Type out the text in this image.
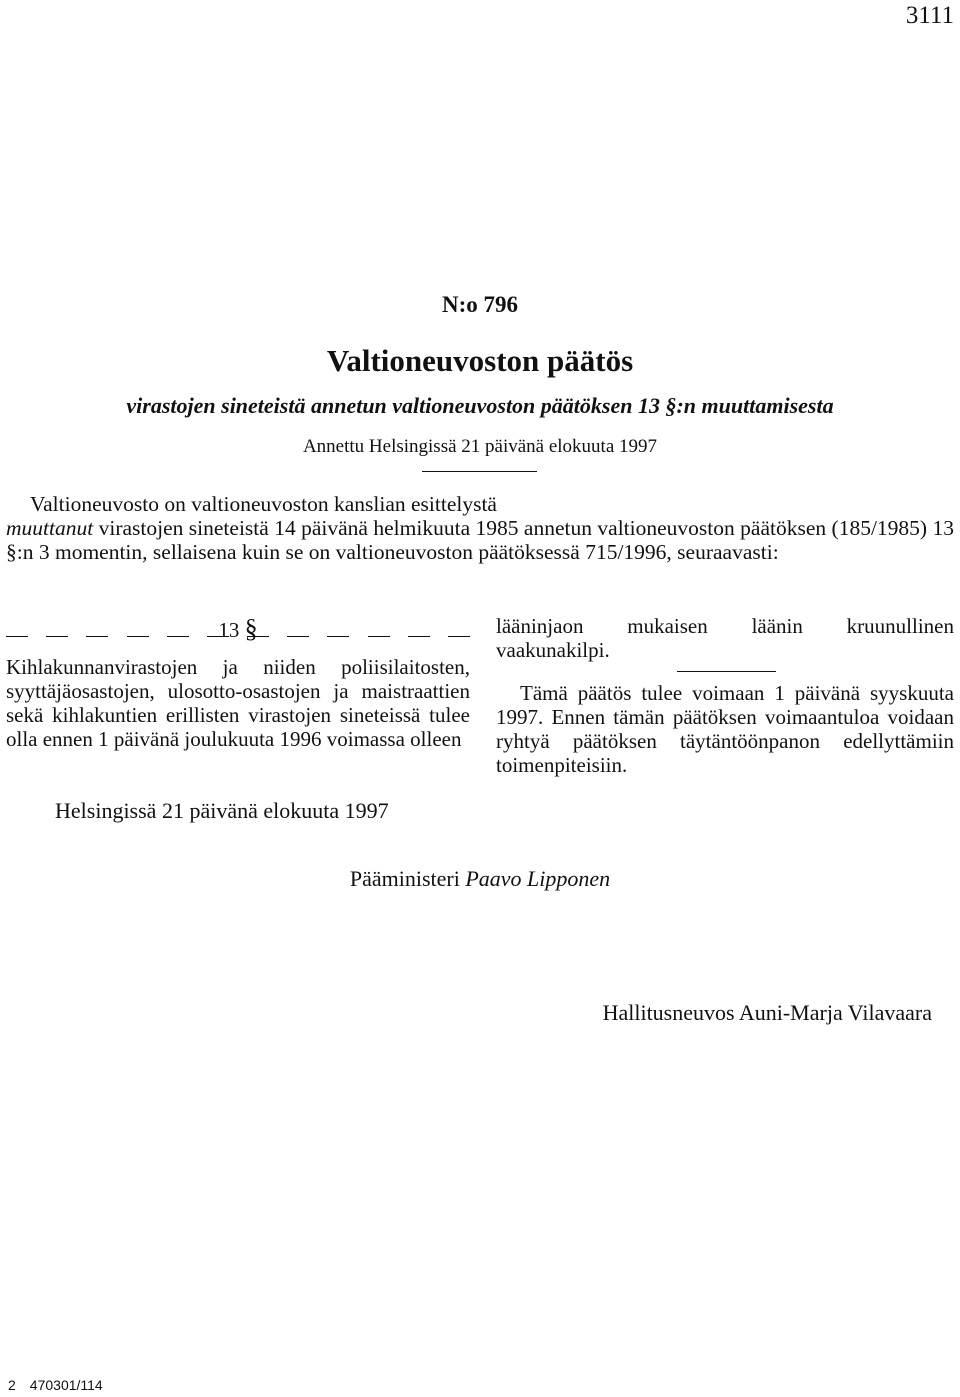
3111
N:o 796
Valtioneuvoston päätös
virastojen sineteistä annetun valtioneuvoston päätöksen 13 §:n muuttamisesta
Annettu Helsingissä 21 päivänä elokuuta 1997
Valtioneuvosto on valtioneuvoston kanslian esittelystä
muuttanut virastojen sineteistä 14 päivänä helmikuuta 1985 annetun valtioneuvoston päätöksen (185/1985) 13 §:n 3 momentin, sellaisena kuin se on valtioneuvoston päätöksessä 715/1996, seuraavasti:
13 §
Kihlakunnanvirastojen ja niiden poliisilaitosten, syyttäjäosastojen, ulosotto-osastojen ja maistraattien sekä kihlakuntien erillisten virastojen sineteissä tulee olla ennen 1 päivänä joulukuuta 1996 voimassa olleen
lääninjaon mukaisen läänin kruunullinen vaakunakilpi.
Tämä päätös tulee voimaan 1 päivänä syyskuuta 1997. Ennen tämän päätöksen voimaantuloa voidaan ryhtyä päätöksen täytäntöönpanon edellyttämiin toimenpiteisiin.
Helsingissä 21 päivänä elokuuta 1997
Pääministeri Paavo Lipponen
Hallitusneuvos Auni-Marja Vilavaara
2 470301/114
